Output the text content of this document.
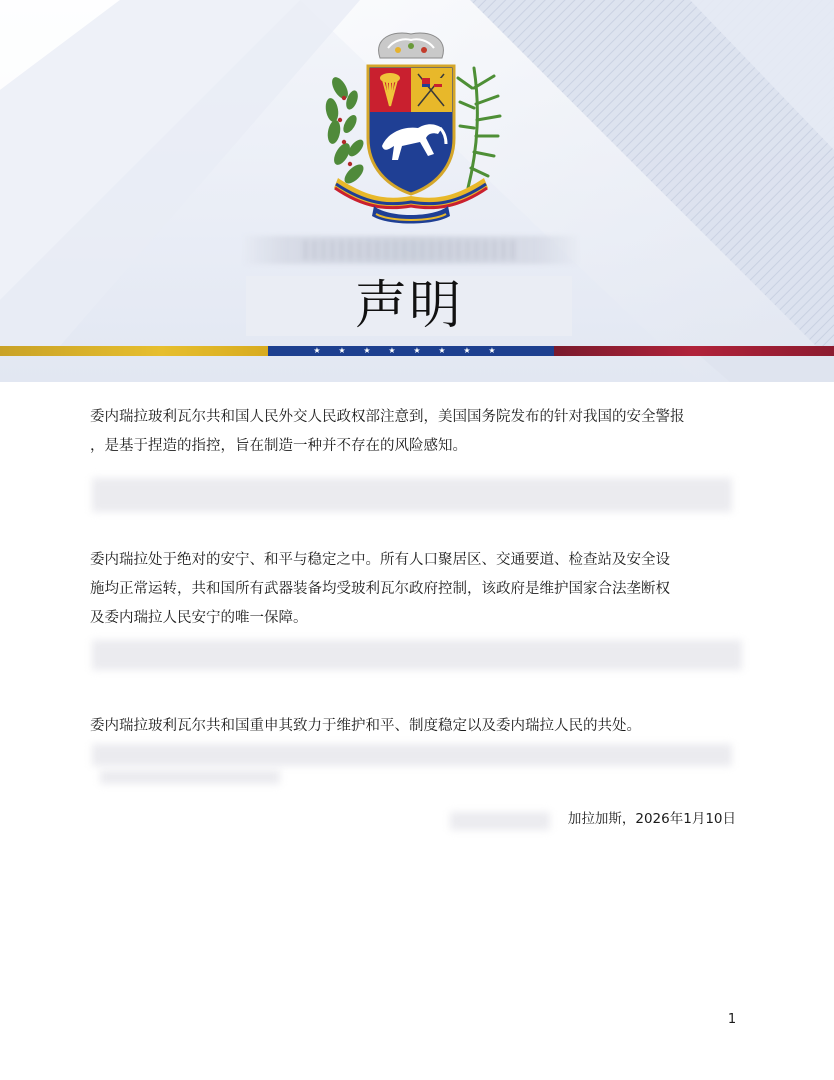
声明
★ ★ ★ ★ ★ ★ ★ ★
委内瑞拉玻利瓦尔共和国人民外交人民政权部注意到，美国国务院发布的针对我国的安全警报
，是基于捏造的指控，旨在制造一种并不存在的风险感知。
委内瑞拉处于绝对的安宁、和平与稳定之中。所有人口聚居区、交通要道、检查站及安全设
施均正常运转，共和国所有武器装备均受玻利瓦尔政府控制，该政府是维护国家合法垄断权
及委内瑞拉人民安宁的唯一保障。
委内瑞拉玻利瓦尔共和国重申其致力于维护和平、制度稳定以及委内瑞拉人民的共处。
加拉加斯，2026年1月10日
1
